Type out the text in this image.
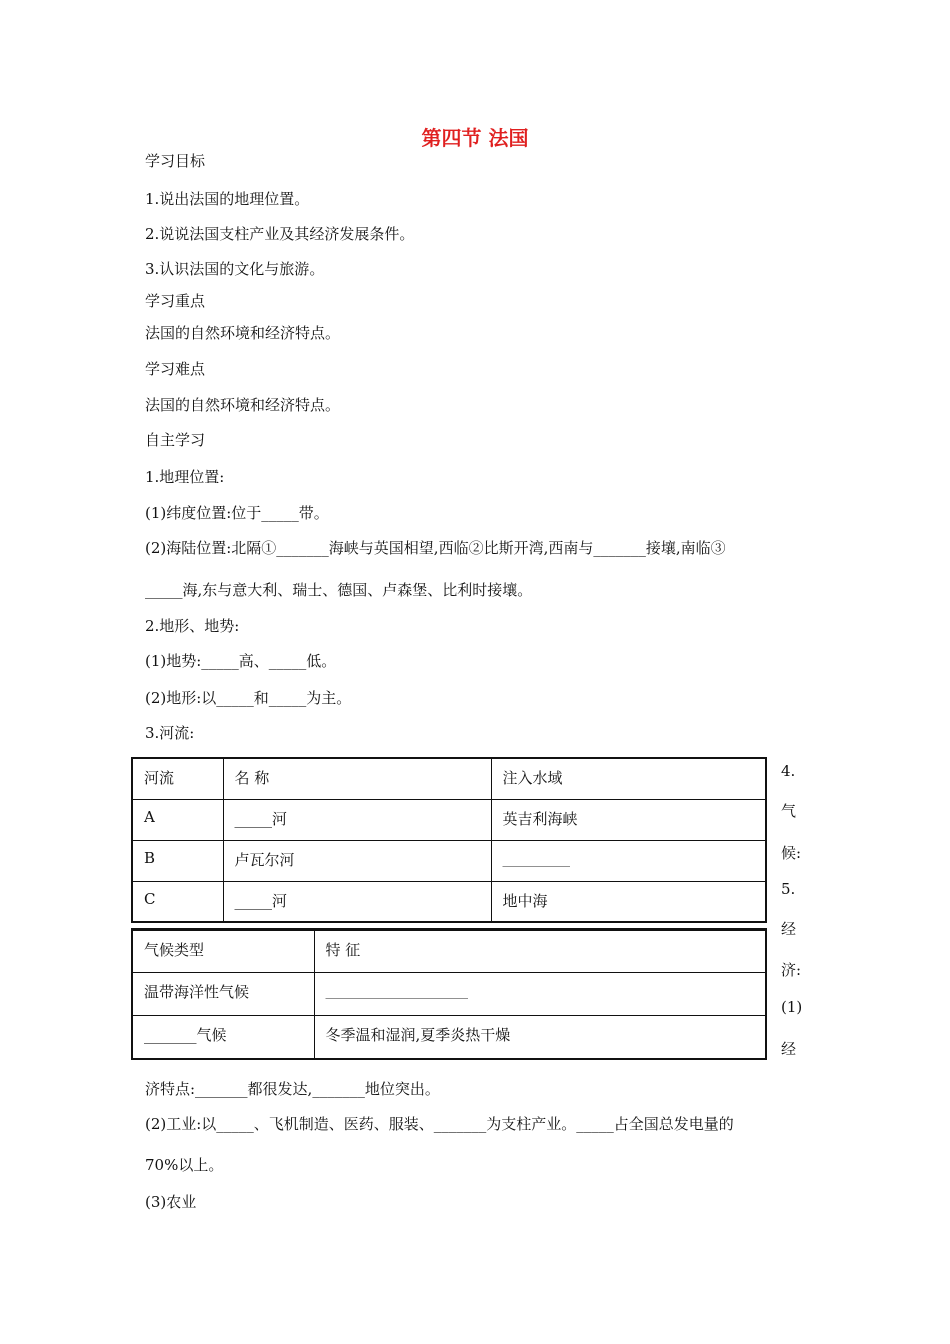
第四节 法国
学习目标
1.说出法国的地理位置。
2.说说法国支柱产业及其经济发展条件。
3.认识法国的文化与旅游。
学习重点
法国的自然环境和经济特点。
学习难点
法国的自然环境和经济特点。
自主学习
1.地理位置:
(1)纬度位置:位于_____带。
(2)海陆位置:北隔①_______海峡与英国相望,西临②比斯开湾,西南与_______接壤,南临③
_____海,东与意大利、瑞士、德国、卢森堡、比利时接壤。
2.地形、地势:
(1)地势:_____高、_____低。
(2)地形:以_____和_____为主。
3.河流:
河流	名 称	注入水域
A	_____河	英吉利海峡
B	卢瓦尔河	_________
C	_____河	地中海
气候类型	特 征
温带海洋性气候	___________________
_______气候	冬季温和湿润,夏季炎热干燥
4.
气
候:
5.
经
济:
(1)
经
济特点:_______都很发达,_______地位突出。
(2)工业:以_____、飞机制造、医药、服装、_______为支柱产业。_____占全国总发电量的
70%以上。
(3)农业
